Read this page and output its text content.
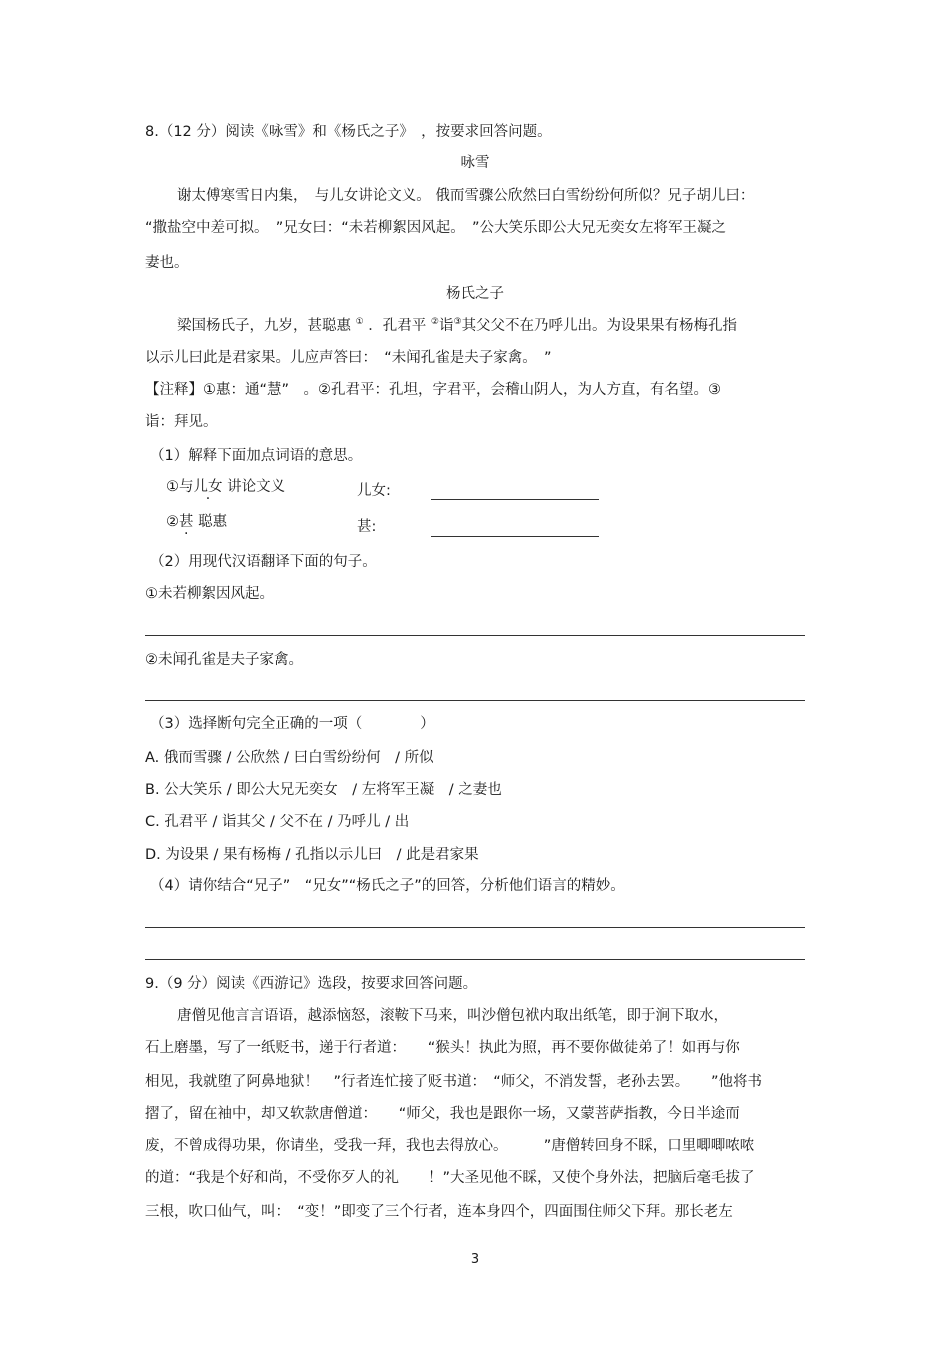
8.（12 分）阅读《咏雪》和《杨氏之子》　，按要求回答问题。
咏雪
谢太傅寒雪日内集，　与儿女讲论文义。 俄而雪骤公欣然曰白雪纷纷何所似？兄子胡儿曰：
“撒盐空中差可拟。　”兄女曰：“未若柳絮因风起。　”公大笑乐即公大兄无奕女左将军王凝之
妻也。
杨氏之子
梁国杨氏子，九岁，甚聪惠 ① ．孔君平 ②诣③其父父不在乃呼儿出。为设果果有杨梅孔指
以示儿曰此是君家果。儿应声答曰：　“未闻孔雀是夫子家禽。　”
【注释】①惠：通“慧”　。②孔君平：孔坦，字君平，会稽山阴人，为人方直，有名望。③
诣：拜见。
（1）解释下面加点词语的意思。
①与儿女 讲论文义	儿女:
②甚 聪惠	甚:
（2）用现代汉语翻译下面的句子。
①未若柳絮因风起。
②未闻孔雀是夫子家禽。
（3）选择断句完全正确的一项（　　　　）
A. 俄而雪骤 / 公欣然 / 曰白雪纷纷何　/ 所似
B. 公大笑乐 / 即公大兄无奕女　/ 左将军王凝　/ 之妻也
C. 孔君平 / 诣其父 / 父不在 / 乃呼儿 / 出
D. 为设果 / 果有杨梅 / 孔指以示儿曰　/ 此是君家果
（4）请你结合“兄子”　“兄女”“杨氏之子”的回答，分析他们语言的精妙。
9.（9 分）阅读《西游记》选段，按要求回答问题。
唐僧见他言言语语，越添恼怒，滚鞍下马来，叫沙僧包袱内取出纸笔，即于涧下取水，
石上磨墨，写了一纸贬书，递于行者道：　　“猴头！执此为照，再不要你做徒弟了！如再与你
相见，我就堕了阿鼻地狱！　”行者连忙接了贬书道：　“师父，不消发誓，老孙去罢。　　”他将书
摺了，留在袖中，却又软款唐僧道：　　“师父，我也是跟你一场，又蒙菩萨指教，今日半途而
废，不曾成得功果，你请坐，受我一拜，我也去得放心。　　　”唐僧转回身不睬，口里唧唧哝哝
的道：“我是个好和尚，不受你歹人的礼　　！”大圣见他不睬，又使个身外法，把脑后毫毛拔了
三根，吹口仙气，叫：　“变！”即变了三个行者，连本身四个，四面围住师父下拜。那长老左
3
